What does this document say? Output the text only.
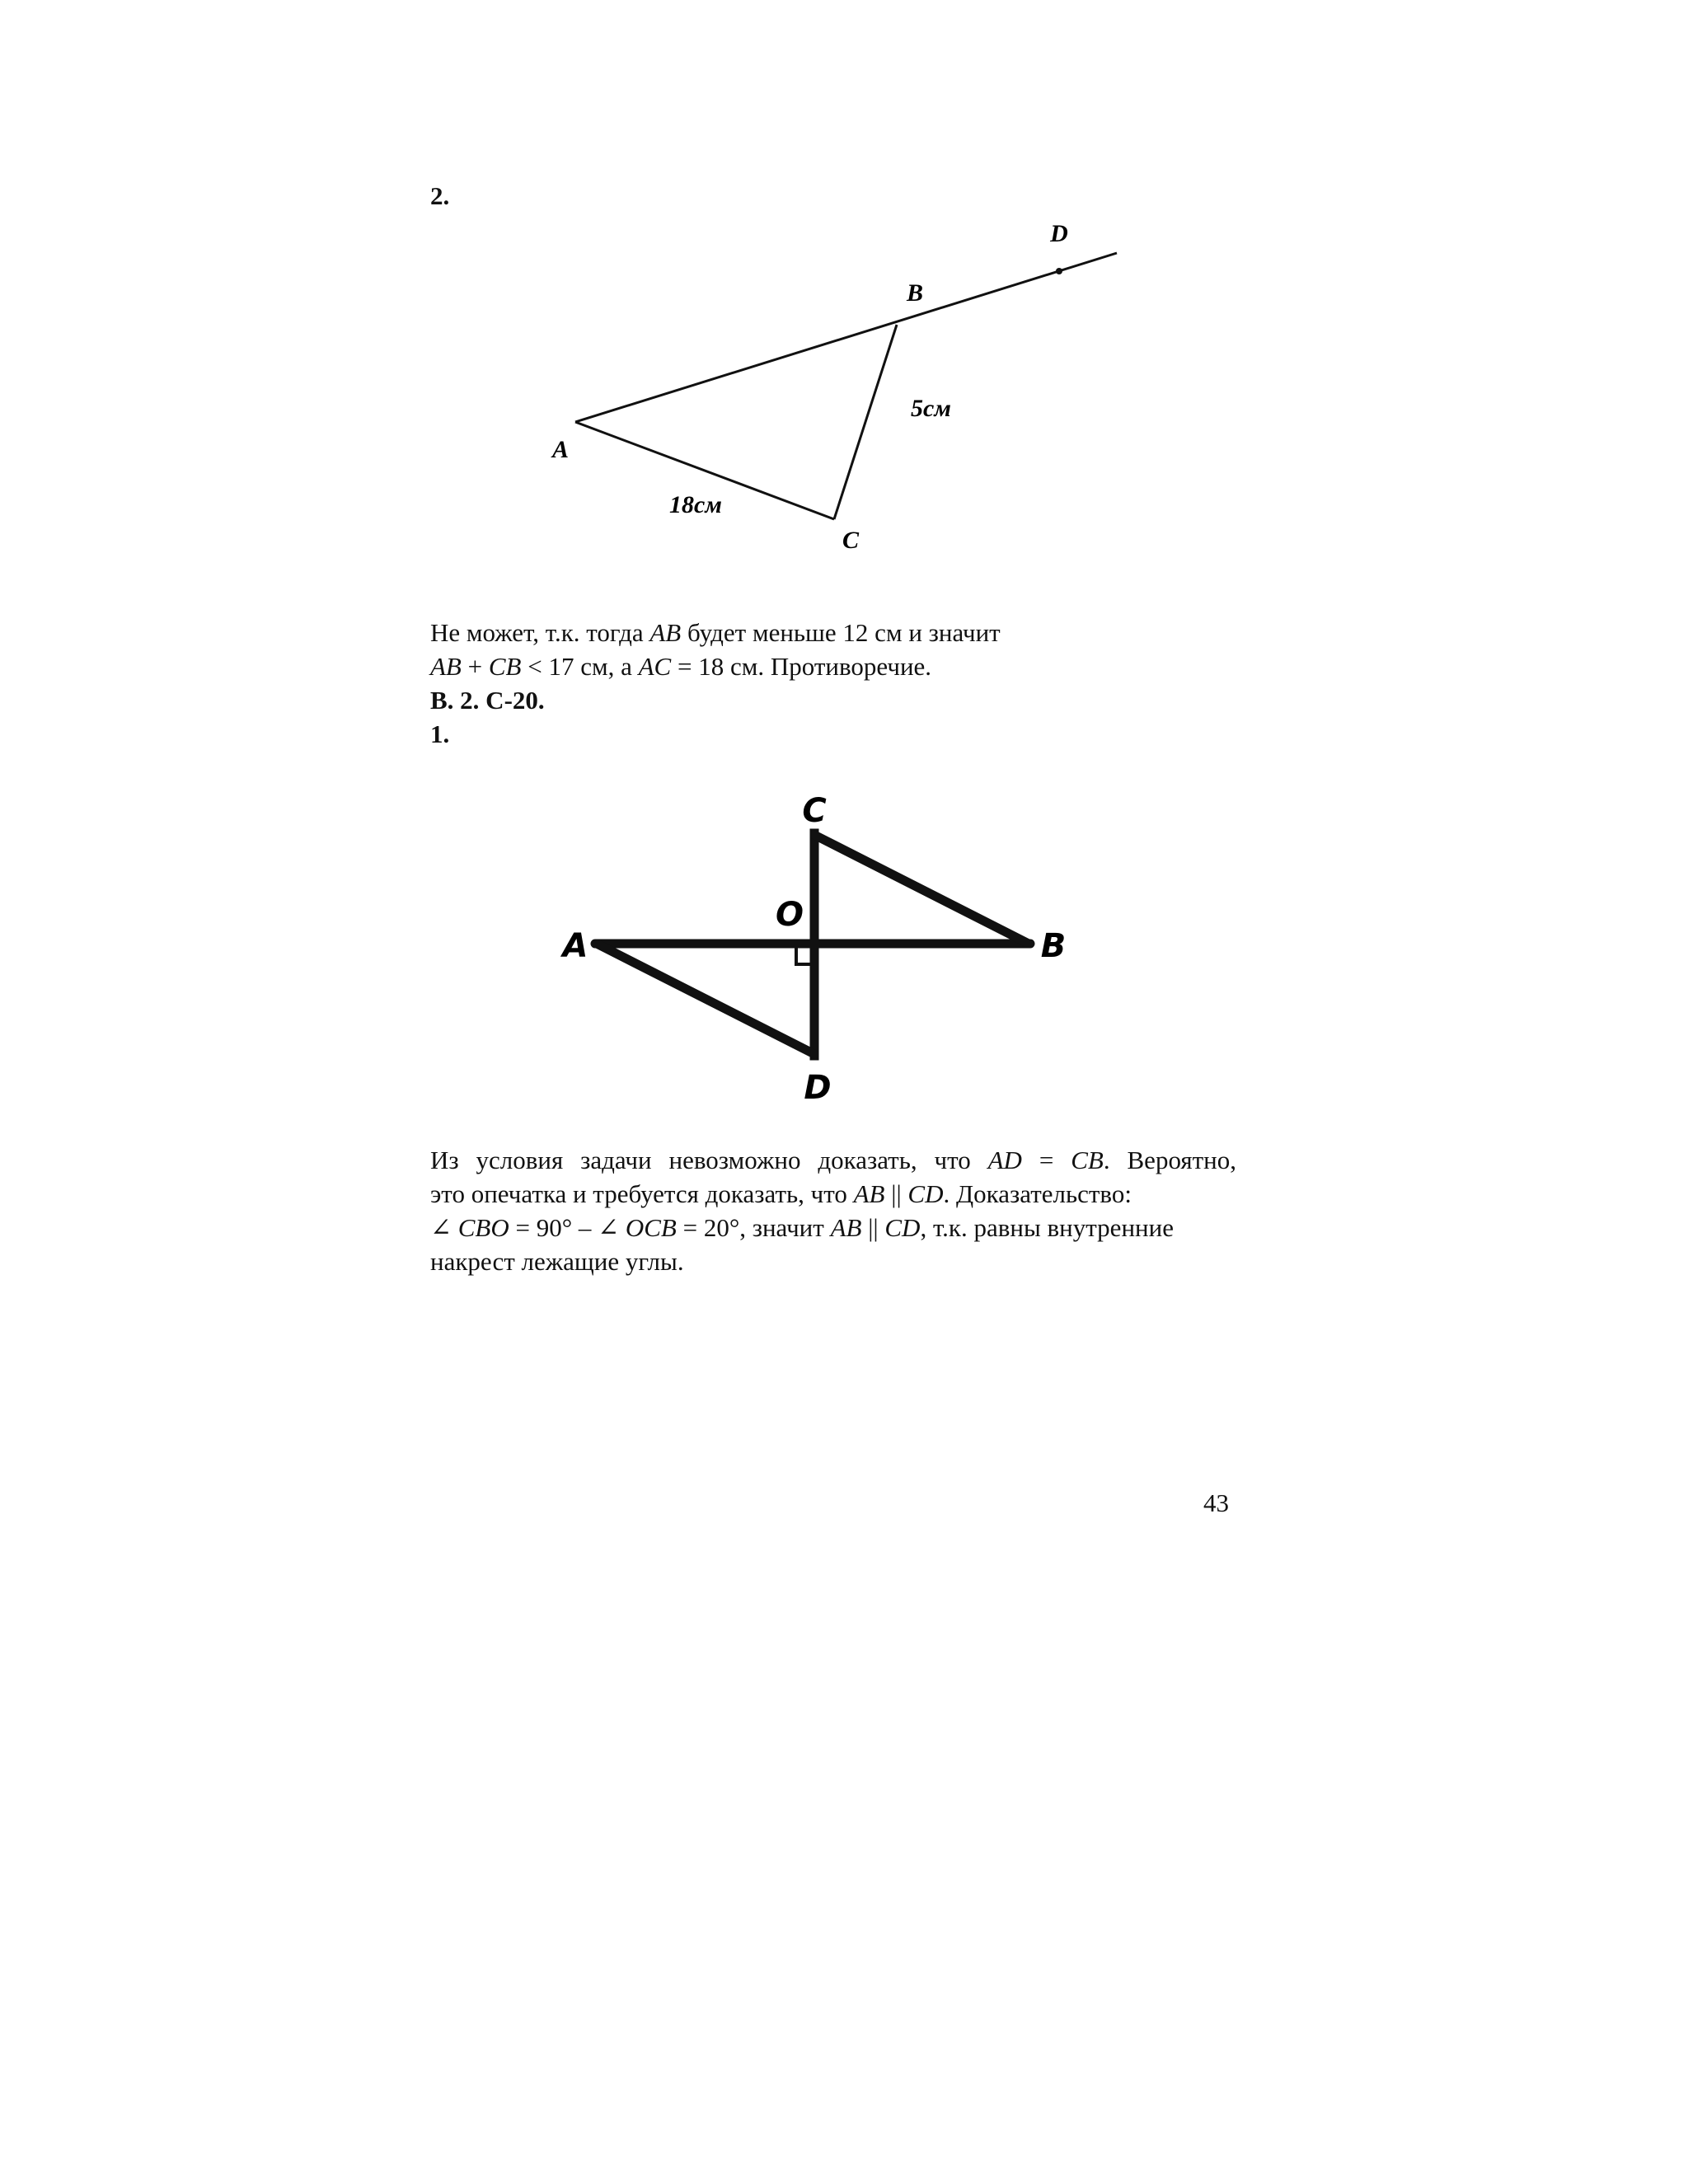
2.
D
B
A
C
5см
18см
Не может, т.к. тогда AB будет меньше 12 см и значит
AB + CB < 17 см, а AC = 18 см. Противоречие.
В. 2. С-20.
1.
C
O
A	B
D
Из условия задачи невозможно доказать, что AD = CB. Вероятно,
это опечатка и требуется доказать, что AB || CD. Доказательство:
∠ CBO = 90° – ∠ OCB = 20°, значит AB || CD, т.к. равны внутренние
накрест лежащие углы.
43
